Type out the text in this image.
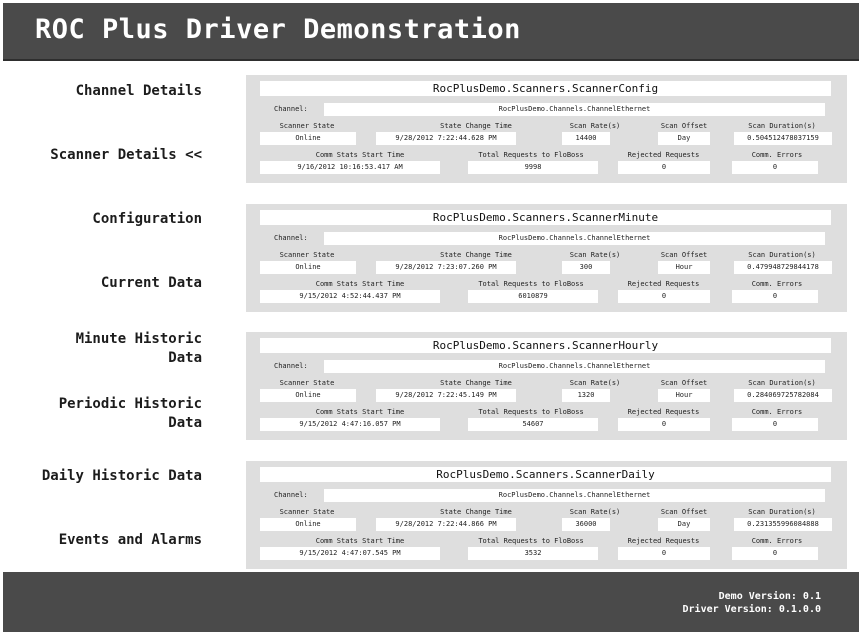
ROC Plus Driver Demonstration
Channel Details
Scanner Details <<
Configuration
Current Data
Minute Historic Data
Periodic Historic Data
Daily Historic Data
Events and Alarms
RocPlusDemo.Scanners.ScannerConfig
Channel:	RocPlusDemo.Channels.ChannelEthernet
Scanner State	State Change Time	Scan Rate(s)	Scan Offset	Scan Duration(s)
Online	9/28/2012 7:22:44.628 PM	14400	Day	0.504512478037159
Comm Stats Start Time	Total Requests to FloBoss	Rejected Requests	Comm. Errors
9/16/2012 10:16:53.417 AM	9998	0	0
RocPlusDemo.Scanners.ScannerMinute
Channel:	RocPlusDemo.Channels.ChannelEthernet
Scanner State	State Change Time	Scan Rate(s)	Scan Offset	Scan Duration(s)
Online	9/28/2012 7:23:07.260 PM	300	Hour	0.479948729844178
Comm Stats Start Time	Total Requests to FloBoss	Rejected Requests	Comm. Errors
9/15/2012 4:52:44.437 PM	6010879	0	0
RocPlusDemo.Scanners.ScannerHourly
Channel:	RocPlusDemo.Channels.ChannelEthernet
Scanner State	State Change Time	Scan Rate(s)	Scan Offset	Scan Duration(s)
Online	9/28/2012 7:22:45.149 PM	1320	Hour	0.284069725782084
Comm Stats Start Time	Total Requests to FloBoss	Rejected Requests	Comm. Errors
9/15/2012 4:47:16.057 PM	54607	0	0
RocPlusDemo.Scanners.ScannerDaily
Channel:	RocPlusDemo.Channels.ChannelEthernet
Scanner State	State Change Time	Scan Rate(s)	Scan Offset	Scan Duration(s)
Online	9/28/2012 7:22:44.866 PM	36000	Day	0.231355996084888
Comm Stats Start Time	Total Requests to FloBoss	Rejected Requests	Comm. Errors
9/15/2012 4:47:07.545 PM	3532	0	0
Demo Version: 0.1
Driver Version: 0.1.0.0
